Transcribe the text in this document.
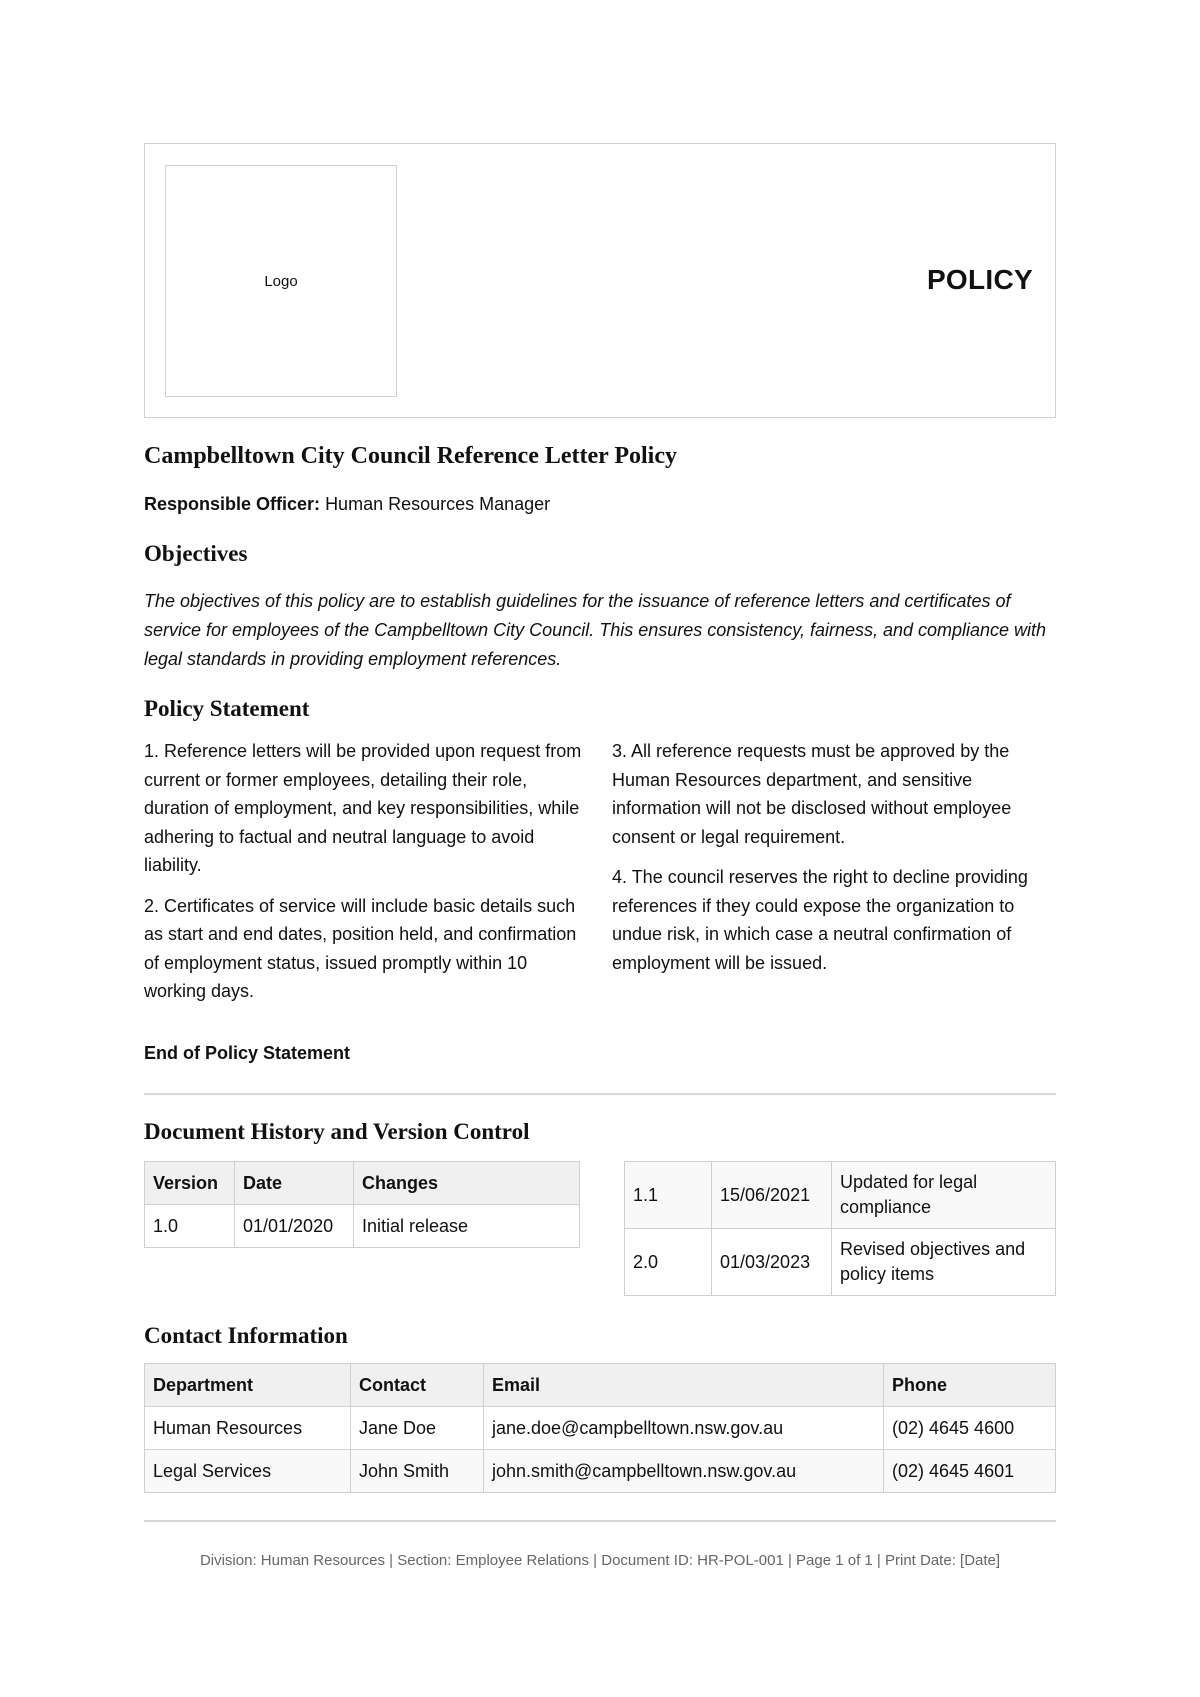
Logo	POLICY
Campbelltown City Council Reference Letter Policy
Responsible Officer: Human Resources Manager
Objectives

The objectives of this policy are to establish guidelines for the issuance of reference letters and certificates of service for employees of the Campbelltown City Council. This ensures consistency, fairness, and compliance with legal standards in providing employment references.

Policy Statement

1. Reference letters will be provided upon request from current or former employees, detailing their role, duration of employment, and key responsibilities, while adhering to factual and neutral language to avoid liability.

2. Certificates of service will include basic details such as start and end dates, position held, and confirmation of employment status, issued promptly within 10 working days.

3. All reference requests must be approved by the Human Resources department, and sensitive information will not be disclosed without employee consent or legal requirement.

4. The council reserves the right to decline providing references if they could expose the organization to undue risk, in which case a neutral confirmation of employment will be issued.

End of Policy Statement
Document History and Version Control
Version	Date	Changes
1.0	01/01/2020	Initial release
1.1	15/06/2021	Updated for legal compliance
2.0	01/03/2023	Revised objectives and policy items
Contact Information
Department	Contact	Email	Phone
Human Resources	Jane Doe	jane.doe@campbelltown.nsw.gov.au	(02) 4645 4600
Legal Services	John Smith	john.smith@campbelltown.nsw.gov.au	(02) 4645 4601
Division: Human Resources | Section: Employee Relations | Document ID: HR-POL-001 | Page 1 of 1 | Print Date: [Date]
